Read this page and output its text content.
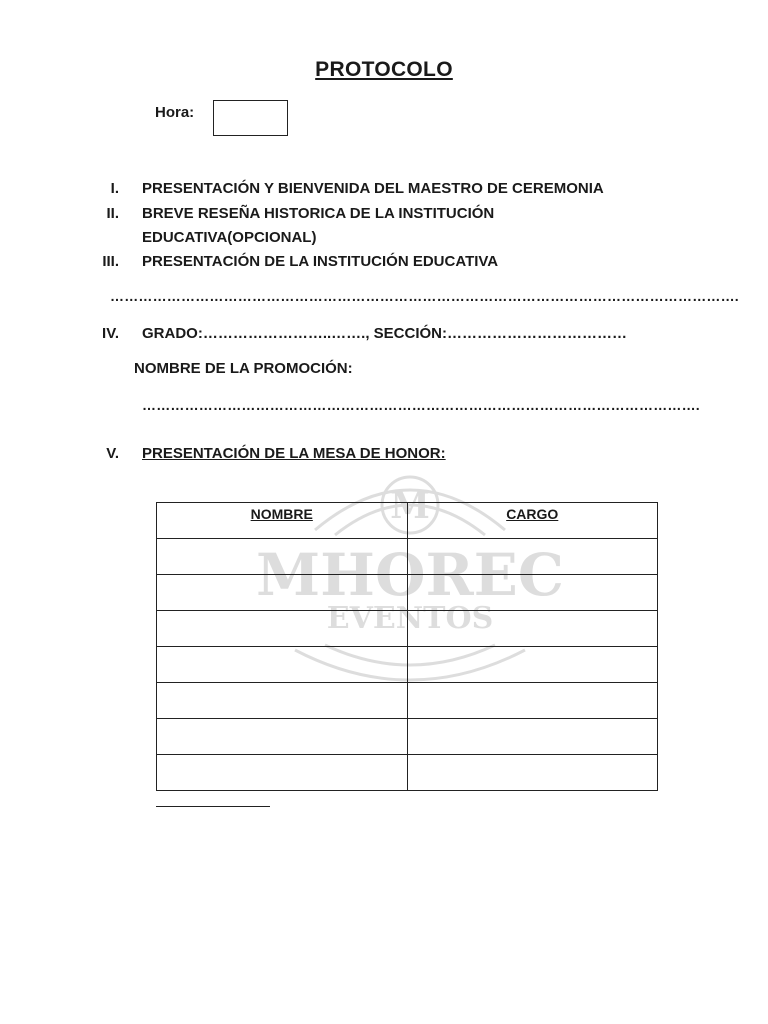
PROTOCOLO
Hora:
I. PRESENTACIÓN Y BIENVENIDA DEL MAESTRO DE CEREMONIA
II. BREVE RESEÑA HISTORICA DE LA INSTITUCIÓN
EDUCATIVA(OPCIONAL)
III. PRESENTACIÓN DE LA INSTITUCIÓN EDUCATIVA
…………………………………………………………………………………………………………………….
IV. GRADO:……………………..……., SECCIÓN:………………………………
NOMBRE DE LA PROMOCIÓN:
……………………………………………………………………………………………………….
V. PRESENTACIÓN DE LA MESA DE HONOR:
M
MHOREC
EVENTOS
NOMBRE	CARGO
